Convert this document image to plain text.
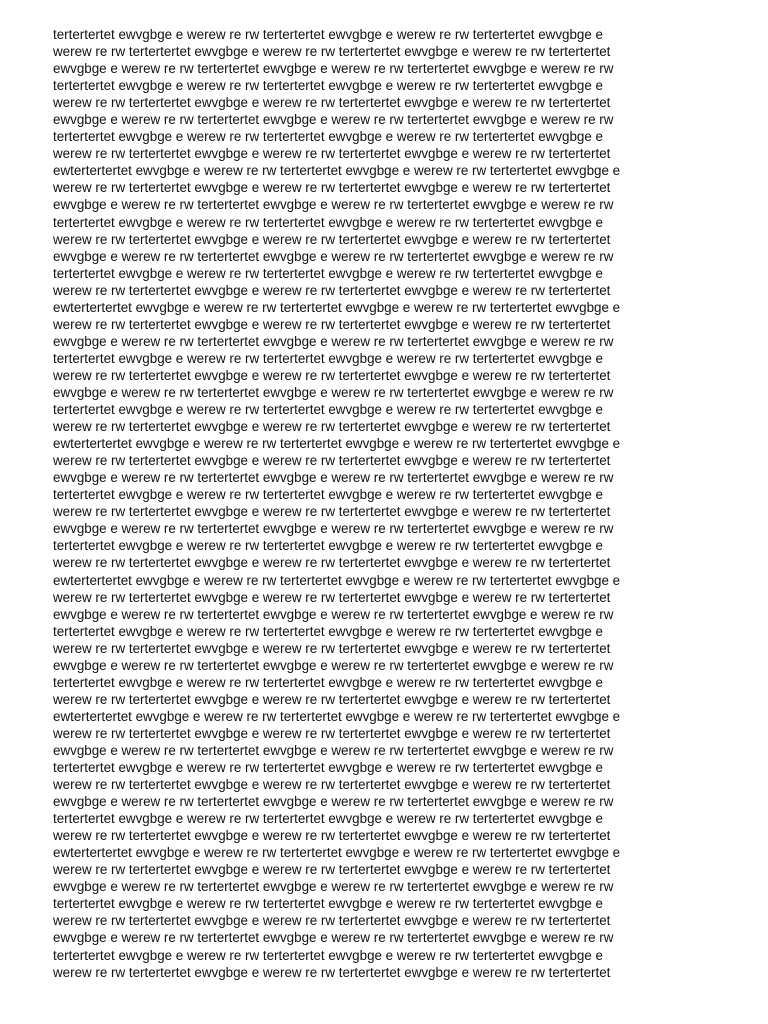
tertertertet ewvgbge e werew re rw tertertertet ewvgbge e werew re rw tertertertet ewvgbge e
werew re rw tertertertet ewvgbge e werew re rw tertertertet ewvgbge e werew re rw tertertertet
ewvgbge e werew re rw tertertertet ewvgbge e werew re rw tertertertet ewvgbge e werew re rw
tertertertet ewvgbge e werew re rw tertertertet ewvgbge e werew re rw tertertertet ewvgbge e
werew re rw tertertertet ewvgbge e werew re rw tertertertet ewvgbge e werew re rw tertertertet
ewvgbge e werew re rw tertertertet ewvgbge e werew re rw tertertertet ewvgbge e werew re rw
tertertertet ewvgbge e werew re rw tertertertet ewvgbge e werew re rw tertertertet ewvgbge e
werew re rw tertertertet ewvgbge e werew re rw tertertertet ewvgbge e werew re rw tertertertet
ewtertertertet ewvgbge e werew re rw tertertertet ewvgbge e werew re rw tertertertet ewvgbge e
werew re rw tertertertet ewvgbge e werew re rw tertertertet ewvgbge e werew re rw tertertertet
ewvgbge e werew re rw tertertertet ewvgbge e werew re rw tertertertet ewvgbge e werew re rw
tertertertet ewvgbge e werew re rw tertertertet ewvgbge e werew re rw tertertertet ewvgbge e
werew re rw tertertertet ewvgbge e werew re rw tertertertet ewvgbge e werew re rw tertertertet
ewvgbge e werew re rw tertertertet ewvgbge e werew re rw tertertertet ewvgbge e werew re rw
tertertertet ewvgbge e werew re rw tertertertet ewvgbge e werew re rw tertertertet ewvgbge e
werew re rw tertertertet ewvgbge e werew re rw tertertertet ewvgbge e werew re rw tertertertet
ewtertertertet ewvgbge e werew re rw tertertertet ewvgbge e werew re rw tertertertet ewvgbge e
werew re rw tertertertet ewvgbge e werew re rw tertertertet ewvgbge e werew re rw tertertertet
ewvgbge e werew re rw tertertertet ewvgbge e werew re rw tertertertet ewvgbge e werew re rw
tertertertet ewvgbge e werew re rw tertertertet ewvgbge e werew re rw tertertertet ewvgbge e
werew re rw tertertertet ewvgbge e werew re rw tertertertet ewvgbge e werew re rw tertertertet
ewvgbge e werew re rw tertertertet ewvgbge e werew re rw tertertertet ewvgbge e werew re rw
tertertertet ewvgbge e werew re rw tertertertet ewvgbge e werew re rw tertertertet ewvgbge e
werew re rw tertertertet ewvgbge e werew re rw tertertertet ewvgbge e werew re rw tertertertet
ewtertertertet ewvgbge e werew re rw tertertertet ewvgbge e werew re rw tertertertet ewvgbge e
werew re rw tertertertet ewvgbge e werew re rw tertertertet ewvgbge e werew re rw tertertertet
ewvgbge e werew re rw tertertertet ewvgbge e werew re rw tertertertet ewvgbge e werew re rw
tertertertet ewvgbge e werew re rw tertertertet ewvgbge e werew re rw tertertertet ewvgbge e
werew re rw tertertertet ewvgbge e werew re rw tertertertet ewvgbge e werew re rw tertertertet
ewvgbge e werew re rw tertertertet ewvgbge e werew re rw tertertertet ewvgbge e werew re rw
tertertertet ewvgbge e werew re rw tertertertet ewvgbge e werew re rw tertertertet ewvgbge e
werew re rw tertertertet ewvgbge e werew re rw tertertertet ewvgbge e werew re rw tertertertet
ewtertertertet ewvgbge e werew re rw tertertertet ewvgbge e werew re rw tertertertet ewvgbge e
werew re rw tertertertet ewvgbge e werew re rw tertertertet ewvgbge e werew re rw tertertertet
ewvgbge e werew re rw tertertertet ewvgbge e werew re rw tertertertet ewvgbge e werew re rw
tertertertet ewvgbge e werew re rw tertertertet ewvgbge e werew re rw tertertertet ewvgbge e
werew re rw tertertertet ewvgbge e werew re rw tertertertet ewvgbge e werew re rw tertertertet
ewvgbge e werew re rw tertertertet ewvgbge e werew re rw tertertertet ewvgbge e werew re rw
tertertertet ewvgbge e werew re rw tertertertet ewvgbge e werew re rw tertertertet ewvgbge e
werew re rw tertertertet ewvgbge e werew re rw tertertertet ewvgbge e werew re rw tertertertet
ewtertertertet ewvgbge e werew re rw tertertertet ewvgbge e werew re rw tertertertet ewvgbge e
werew re rw tertertertet ewvgbge e werew re rw tertertertet ewvgbge e werew re rw tertertertet
ewvgbge e werew re rw tertertertet ewvgbge e werew re rw tertertertet ewvgbge e werew re rw
tertertertet ewvgbge e werew re rw tertertertet ewvgbge e werew re rw tertertertet ewvgbge e
werew re rw tertertertet ewvgbge e werew re rw tertertertet ewvgbge e werew re rw tertertertet
ewvgbge e werew re rw tertertertet ewvgbge e werew re rw tertertertet ewvgbge e werew re rw
tertertertet ewvgbge e werew re rw tertertertet ewvgbge e werew re rw tertertertet ewvgbge e
werew re rw tertertertet ewvgbge e werew re rw tertertertet ewvgbge e werew re rw tertertertet
ewtertertertet ewvgbge e werew re rw tertertertet ewvgbge e werew re rw tertertertet ewvgbge e
werew re rw tertertertet ewvgbge e werew re rw tertertertet ewvgbge e werew re rw tertertertet
ewvgbge e werew re rw tertertertet ewvgbge e werew re rw tertertertet ewvgbge e werew re rw
tertertertet ewvgbge e werew re rw tertertertet ewvgbge e werew re rw tertertertet ewvgbge e
werew re rw tertertertet ewvgbge e werew re rw tertertertet ewvgbge e werew re rw tertertertet
ewvgbge e werew re rw tertertertet ewvgbge e werew re rw tertertertet ewvgbge e werew re rw
tertertertet ewvgbge e werew re rw tertertertet ewvgbge e werew re rw tertertertet ewvgbge e
werew re rw tertertertet ewvgbge e werew re rw tertertertet ewvgbge e werew re rw tertertertet
